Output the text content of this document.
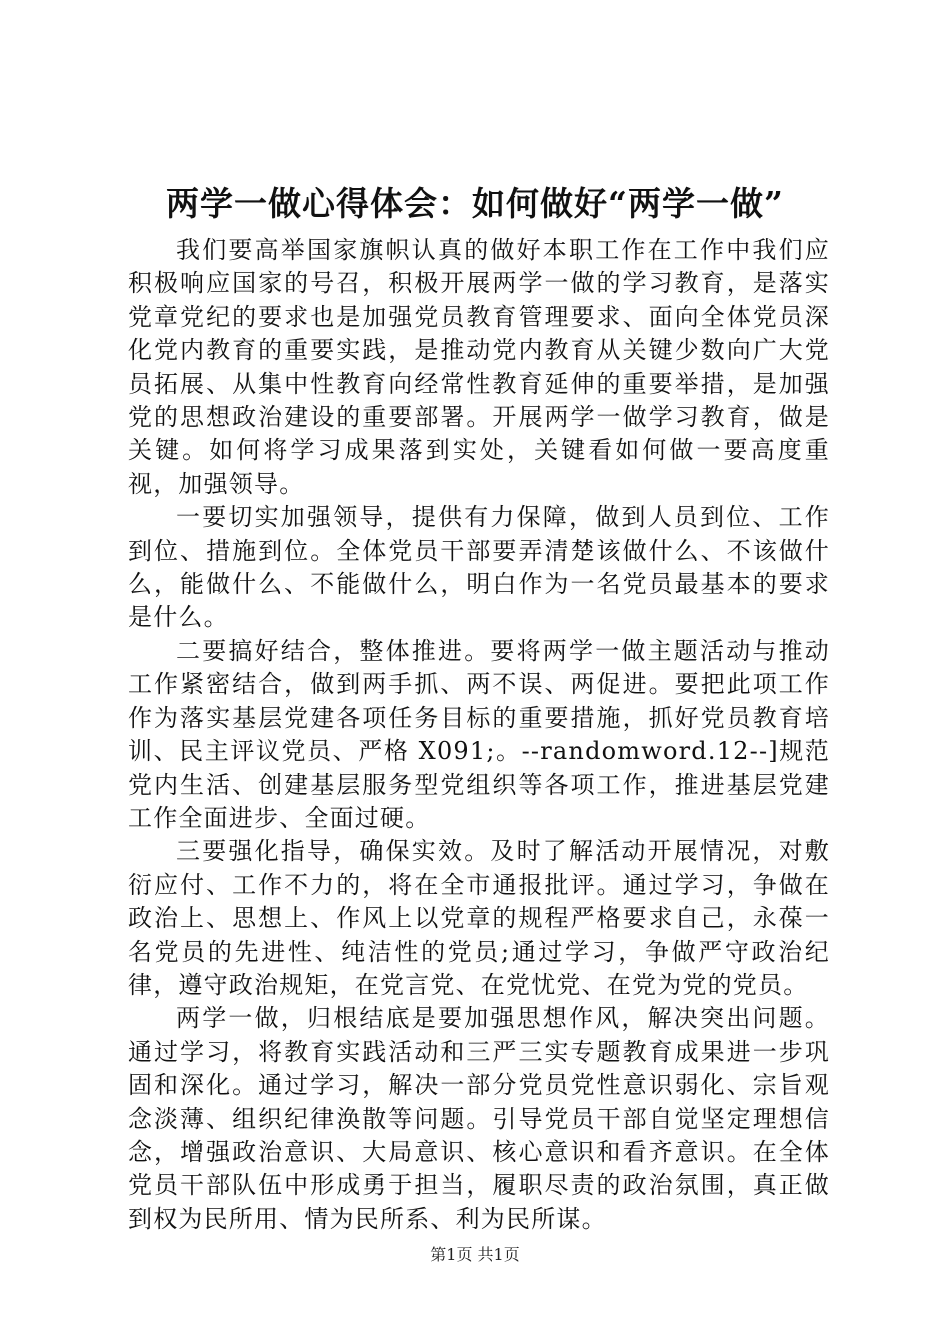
两学一做心得体会：如何做好“两学一做”

我们要高举国家旗帜认真的做好本职工作在工作中我们应积极响应国家的号召，积极开展两学一做的学习教育，是落实党章党纪的要求也是加强党员教育管理要求、面向全体党员深化党内教育的重要实践，是推动党内教育从关键少数向广大党员拓展、从集中性教育向经常性教育延伸的重要举措，是加强党的思想政治建设的重要部署。开展两学一做学习教育，做是关键。如何将学习成果落到实处，关键看如何做一要高度重视，加强领导。

一要切实加强领导，提供有力保障，做到人员到位、工作到位、措施到位。全体党员干部要弄清楚该做什么、不该做什么，能做什么、不能做什么，明白作为一名党员最基本的要求是什么。

二要搞好结合，整体推进。要将两学一做主题活动与推动工作紧密结合，做到两手抓、两不误、两促进。要把此项工作作为落实基层党建各项任务目标的重要措施，抓好党员教育培训、民主评议党员、严格 X091;。--randomword.12--]规范党内生活、创建基层服务型党组织等各项工作，推进基层党建工作全面进步、全面过硬。

三要强化指导，确保实效。及时了解活动开展情况，对敷衍应付、工作不力的，将在全市通报批评。通过学习，争做在政治上、思想上、作风上以党章的规程严格要求自己，永葆一名党员的先进性、纯洁性的党员;通过学习，争做严守政治纪律，遵守政治规矩，在党言党、在党忧党、在党为党的党员。

两学一做，归根结底是要加强思想作风，解决突出问题。通过学习，将教育实践活动和三严三实专题教育成果进一步巩固和深化。通过学习，解决一部分党员党性意识弱化、宗旨观念淡薄、组织纪律涣散等问题。引导党员干部自觉坚定理想信念，增强政治意识、大局意识、核心意识和看齐意识。在全体党员干部队伍中形成勇于担当，履职尽责的政治氛围，真正做到权为民所用、情为民所系、利为民所谋。

第1页 共1页
